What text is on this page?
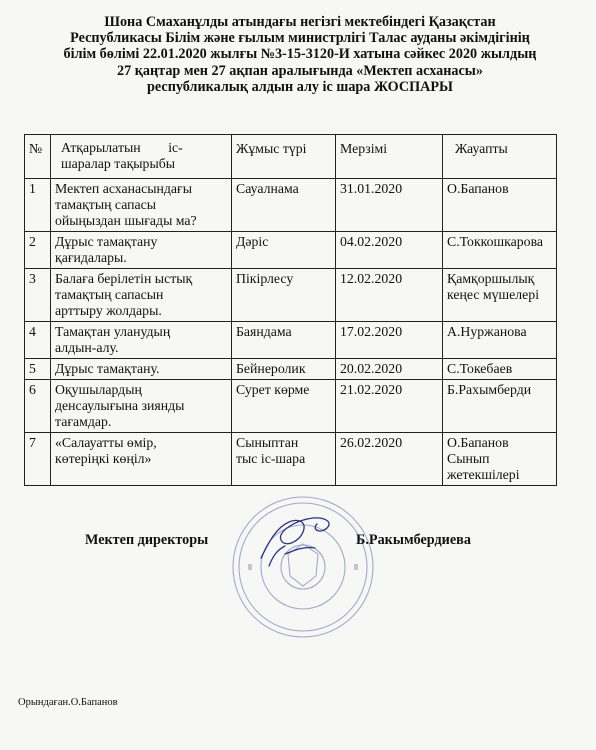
Шона Смаханұлды атындағы негізгі мектебіндегі Қазақстан
Республикасы Білім және ғылым министрлігі Талас ауданы әкімдігінің
білім бөлімі 22.01.2020 жылғы №3-15-3120-И хатына сәйкес 2020 жылдың
27 қаңтар мен 27 ақпан аралығында «Мектеп асханасы»
республикалық алдын алу іс шара ЖОСПАРЫ
№	Атқарылатын        іс-
шаралар тақырыбы	Жұмыс түрі	Мерзімі	Жауапты
1	Мектеп асханасындағы
тамақтың сапасы
ойыңыздан шығады ма?	Сауалнама	31.01.2020	О.Бапанов

2	Дұрыс тамақтану
қағидалары.	Дәріс	04.02.2020	С.Токкошкарова

3	Балаға берілетін ыстық
тамақтың сапасын
арттыру жолдары.	Пікірлесу	12.02.2020	Қамқоршылық
кеңес мүшелері

4	Тамақтан уланудың
алдын-алу.	Баяндама	17.02.2020	А.Нуржанова

5	Дұрыс тамақтану.	Бейнеролик	20.02.2020	С.Токебаев

6	Оқушылардың
денсаулығына зиянды
тағамдар.	Сурет көрме	21.02.2020	Б.Рахымберди

7	«Салауатты өмір,
көтеріңкі көңіл»	Сыныптан
тыс іс-шара	26.02.2020	О.Бапанов
Сынып
жетекшілері
Мектеп директоры	Б.Ракымбердиева
Орындаған.О.Бапанов
